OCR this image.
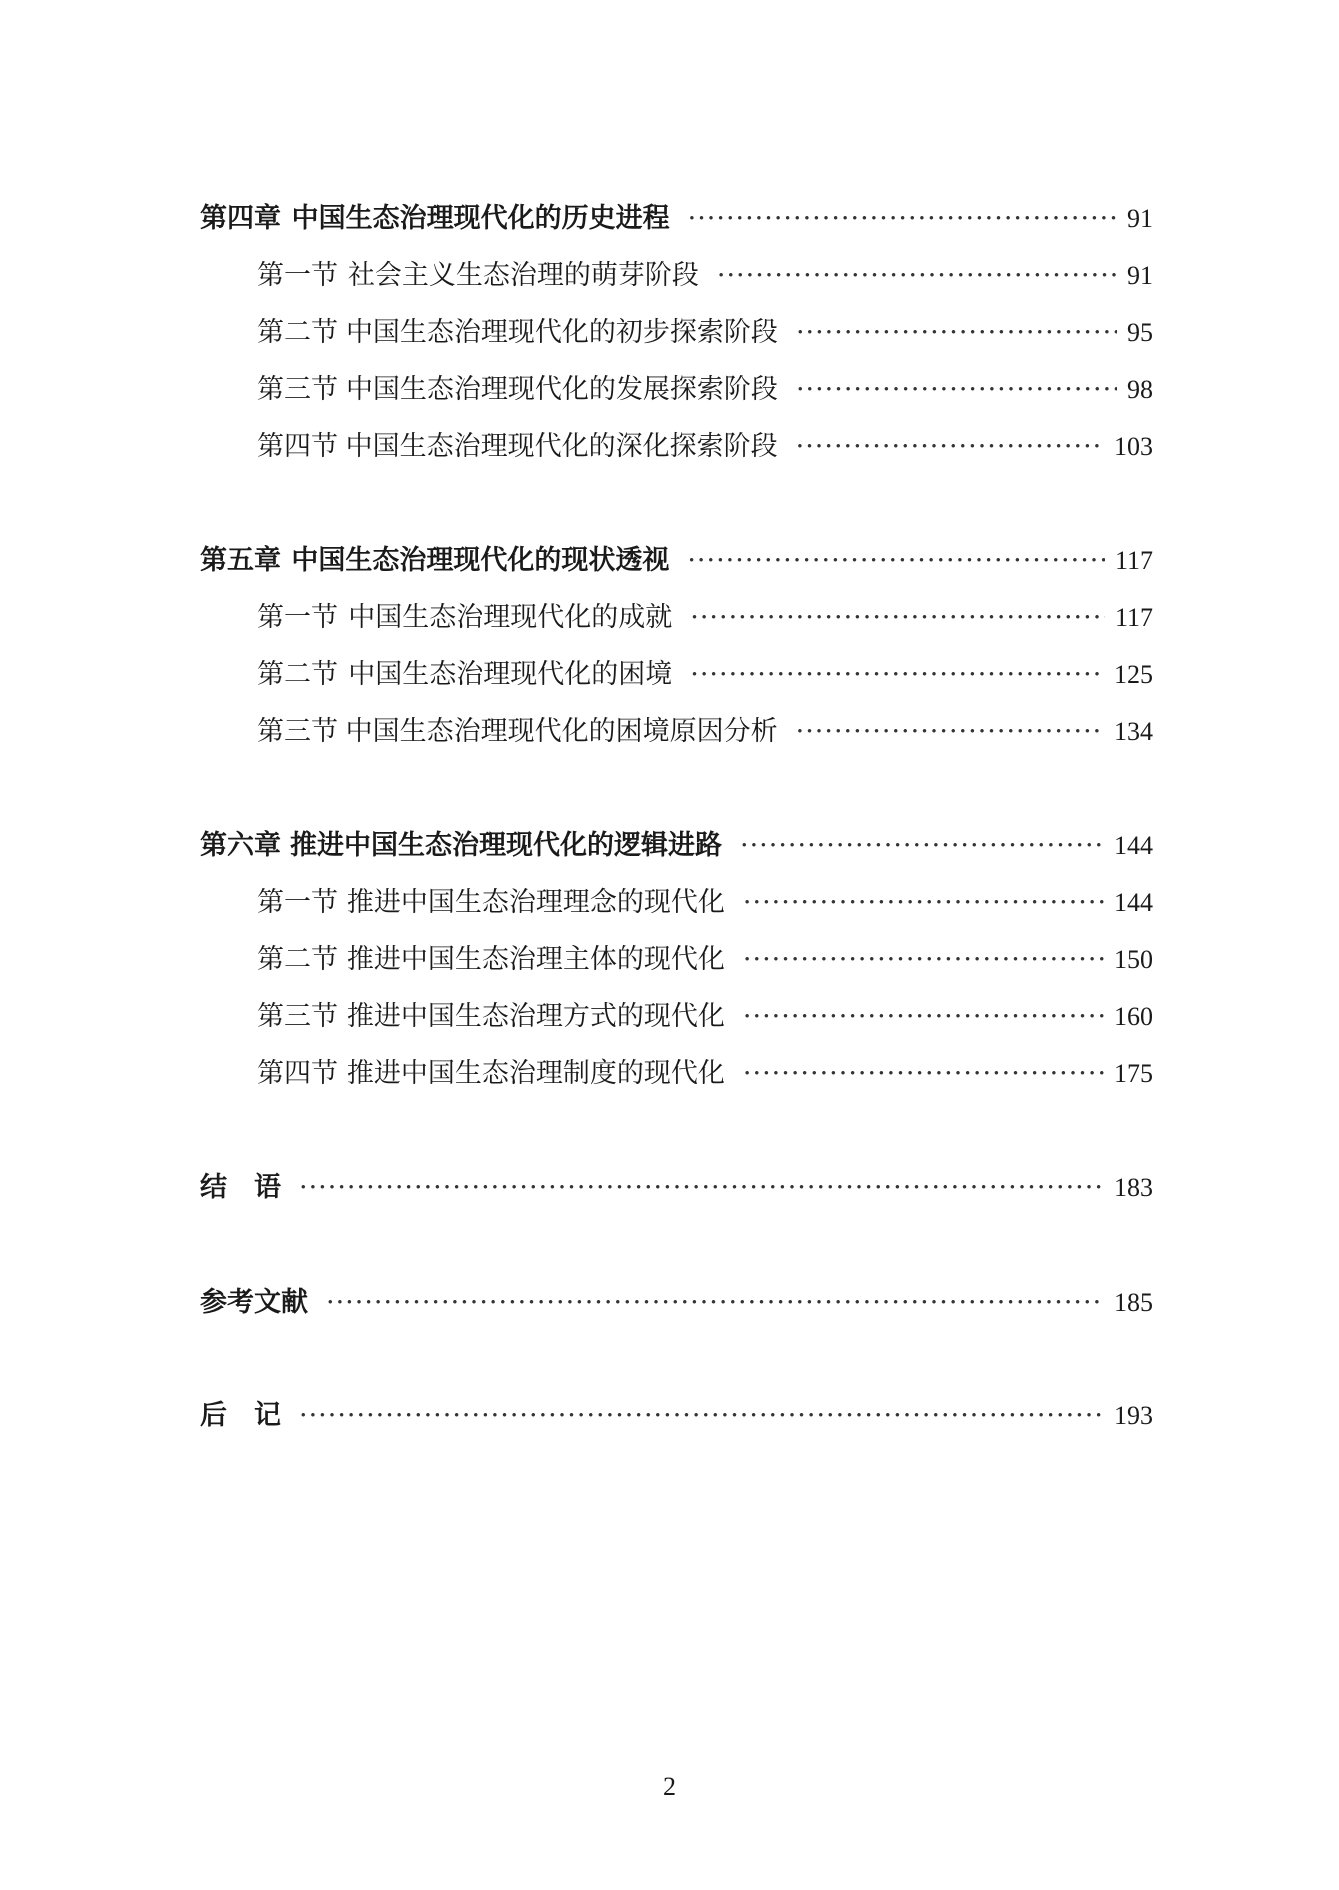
第四章 中国生态治理现代化的历史进程 ·····	91
第一节 社会主义生态治理的萌芽阶段 ·····	91
第二节 中国生态治理现代化的初步探索阶段 ·····	95
第三节 中国生态治理现代化的发展探索阶段 ·····	98
第四节 中国生态治理现代化的深化探索阶段 ·····	103
第五章 中国生态治理现代化的现状透视 ·····	117
第一节 中国生态治理现代化的成就 ·····	117
第二节 中国生态治理现代化的困境 ·····	125
第三节 中国生态治理现代化的困境原因分析 ·····	134
第六章 推进中国生态治理现代化的逻辑进路 ·····	144
第一节 推进中国生态治理理念的现代化 ·····	144
第二节 推进中国生态治理主体的现代化 ·····	150
第三节 推进中国生态治理方式的现代化 ·····	160
第四节 推进中国生态治理制度的现代化 ·····	175
结　语 ·····	183
参考文献 ·····	185
后　记 ·····	193
2
